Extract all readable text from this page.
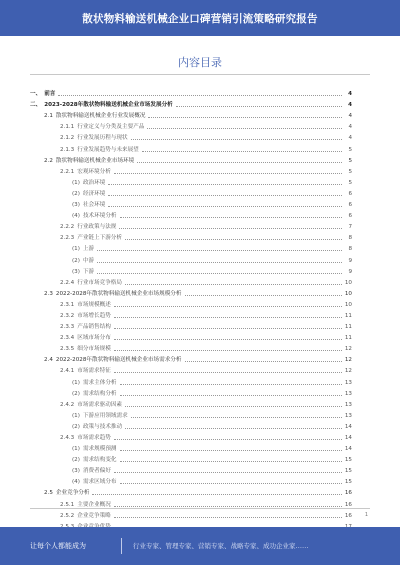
散状物料输送机械企业口碑营销引流策略研究报告
内容目录
一、 前言	4
二、 2023-2028年散状物料输送机械企业市场发展分析	4
2.1 散状物料输送机械企业行业发展概况	4
2.1.1 行业定义与分类及主要产品	4
2.1.2 行业发展历程与现状	4
2.1.3 行业发展趋势与未来展望	5
2.2 散状物料输送机械企业市场环境	5
2.2.1 宏观环境分析	5
(1) 政治环境	5
(2) 经济环境	6
(3) 社会环境	6
(4) 技术环境分析	6
2.2.2 行业政策与法规	7
2.2.3 产业链上下游分析	8
(1) 上游	8
(2) 中游	9
(3) 下游	9
2.2.4 行业市场竞争格局	10
2.3 2022-2028年散状物料输送机械企业市场规模分析	10
2.3.1 市场规模概述	10
2.3.2 市场增长趋势	11
2.3.3 产品销售结构	11
2.3.4 区域市场分布	11
2.3.5 细分市场规模	12
2.4 2022-2028年散状物料输送机械企业市场需求分析	12
2.4.1 市场需求特征	12
(1) 需求主体分析	13
(2) 需求结构分析	13
2.4.2 市场需求驱动因素	13
(1) 下游应用领域需求	13
(2) 政策与技术推动	14
2.4.3 市场需求趋势	14
(1) 需求规模预测	14
(2) 需求结构变化	15
(3) 消费者偏好	15
(4) 需求区域分布	15
2.5 企业竞争分析	16
2.5.1 主要企业概况	16
2.5.2 企业竞争策略	16	1
让每个人都能成为	行业专家、管理专家、营销专家、战略专家、成功企业家……
